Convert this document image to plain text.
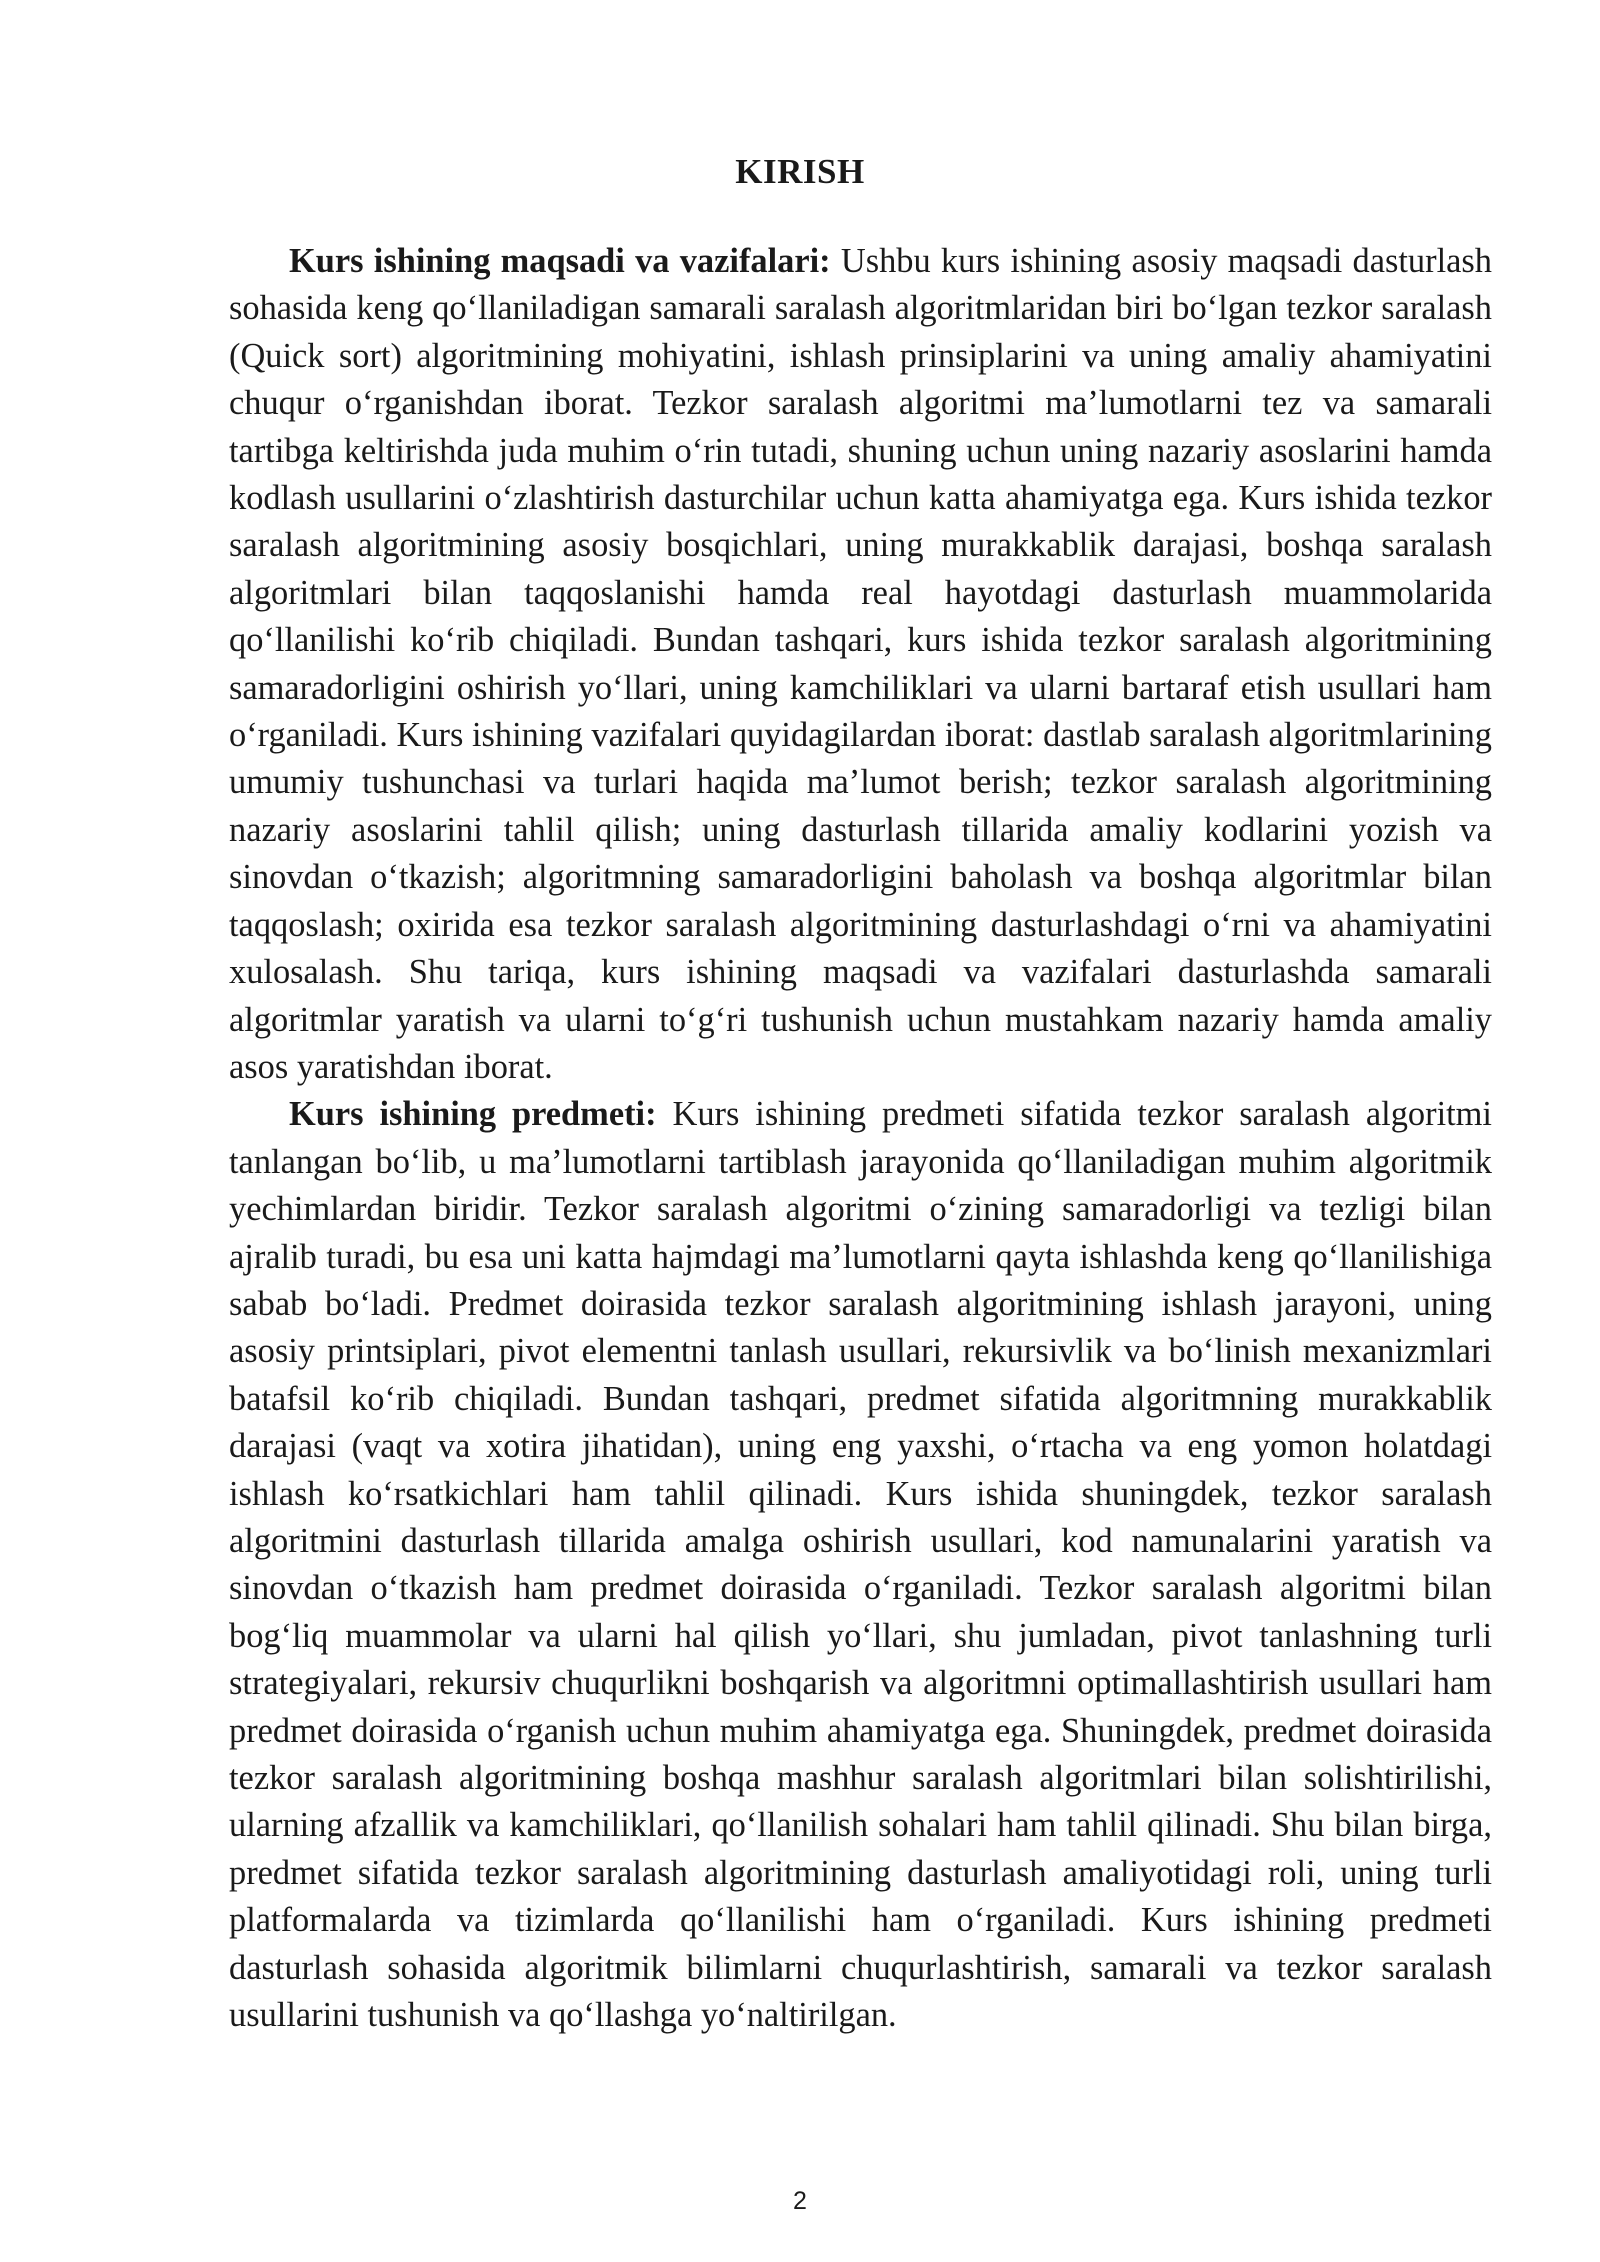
KIRISH

Kurs ishining maqsadi va vazifalari: Ushbu kurs ishining asosiy maqsadi dasturlash sohasida keng qo‘llaniladigan samarali saralash algoritmlaridan biri bo‘lgan tezkor saralash (Quick sort) algoritmining mohiyatini, ishlash prinsiplarini va uning amaliy ahamiyatini chuqur o‘rganishdan iborat. Tezkor saralash algoritmi ma’lumotlarni tez va samarali tartibga keltirishda juda muhim o‘rin tutadi, shuning uchun uning nazariy asoslarini hamda kodlash usullarini o‘zlashtirish dasturchilar uchun katta ahamiyatga ega. Kurs ishida tezkor saralash algoritmining asosiy bosqichlari, uning murakkablik darajasi, boshqa saralash algoritmlari bilan taqqoslanishi hamda real hayotdagi dasturlash muammolarida qo‘llanilishi ko‘rib chiqiladi. Bundan tashqari, kurs ishida tezkor saralash algoritmining samaradorligini oshirish yo‘llari, uning kamchiliklari va ularni bartaraf etish usullari ham o‘rganiladi. Kurs ishining vazifalari quyidagilardan iborat: dastlab saralash algoritmlarining umumiy tushunchasi va turlari haqida ma’lumot berish; tezkor saralash algoritmining nazariy asoslarini tahlil qilish; uning dasturlash tillarida amaliy kodlarini yozish va sinovdan o‘tkazish; algoritmning samaradorligini baholash va boshqa algoritmlar bilan taqqoslash; oxirida esa tezkor saralash algoritmining dasturlashdagi o‘rni va ahamiyatini xulosalash. Shu tariqa, kurs ishining maqsadi va vazifalari dasturlashda samarali algoritmlar yaratish va ularni to‘g‘ri tushunish uchun mustahkam nazariy hamda amaliy asos yaratishdan iborat.

Kurs ishining predmeti: Kurs ishining predmeti sifatida tezkor saralash algoritmi tanlangan bo‘lib, u ma’lumotlarni tartiblash jarayonida qo‘llaniladigan muhim algoritmik yechimlardan biridir. Tezkor saralash algoritmi o‘zining samaradorligi va tezligi bilan ajralib turadi, bu esa uni katta hajmdagi ma’lumotlarni qayta ishlashda keng qo‘llanilishiga sabab bo‘ladi. Predmet doirasida tezkor saralash algoritmining ishlash jarayoni, uning asosiy printsiplari, pivot elementni tanlash usullari, rekursivlik va bo‘linish mexanizmlari batafsil ko‘rib chiqiladi. Bundan tashqari, predmet sifatida algoritmning murakkablik darajasi (vaqt va xotira jihatidan), uning eng yaxshi, o‘rtacha va eng yomon holatdagi ishlash ko‘rsatkichlari ham tahlil qilinadi. Kurs ishida shuningdek, tezkor saralash algoritmini dasturlash tillarida amalga oshirish usullari, kod namunalarini yaratish va sinovdan o‘tkazish ham predmet doirasida o‘rganiladi. Tezkor saralash algoritmi bilan bog‘liq muammolar va ularni hal qilish yo‘llari, shu jumladan, pivot tanlashning turli strategiyalari, rekursiv chuqurlikni boshqarish va algoritmni optimallashtirish usullari ham predmet doirasida o‘rganish uchun muhim ahamiyatga ega. Shuningdek, predmet doirasida tezkor saralash algoritmining boshqa mashhur saralash algoritmlari bilan solishtirilishi, ularning afzallik va kamchiliklari, qo‘llanilish sohalari ham tahlil qilinadi. Shu bilan birga, predmet sifatida tezkor saralash algoritmining dasturlash amaliyotidagi roli, uning turli platformalarda va tizimlarda qo‘llanilishi ham o‘rganiladi. Kurs ishining predmeti dasturlash sohasida algoritmik bilimlarni chuqurlashtirish, samarali va tezkor saralash usullarini tushunish va qo‘llashga yo‘naltirilgan.

2
